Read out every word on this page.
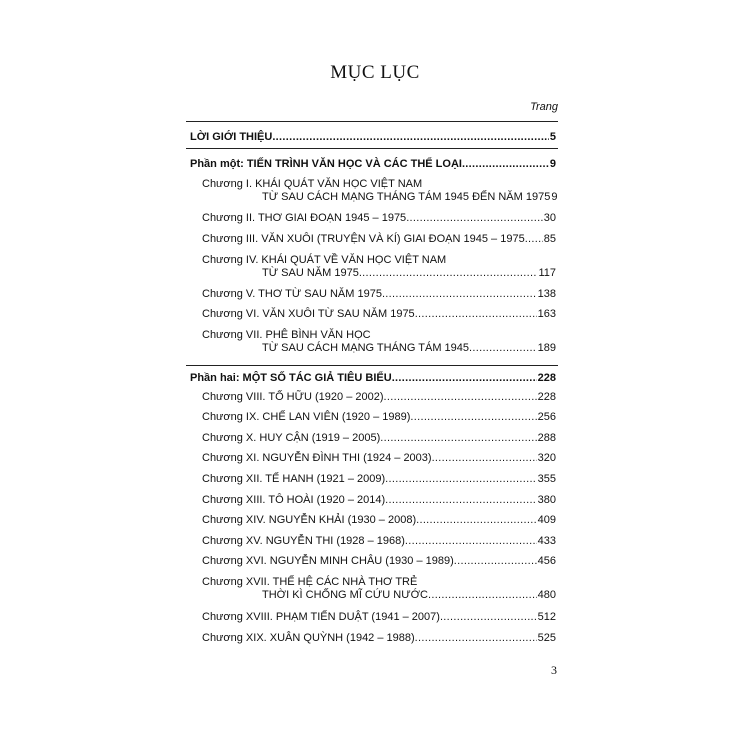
MỤC LỤC
Trang
LỜI GIỚI THIỆU .....	5
Phần một: TIẾN TRÌNH VĂN HỌC VÀ CÁC THỂ LOẠI .....	9
Chương I. KHÁI QUÁT VĂN HỌC VIỆT NAM
TỪ SAU CÁCH MẠNG THÁNG TÁM 1945 ĐẾN NĂM 1975 9
Chương II. THƠ GIAI ĐOẠN 1945 – 1975 .....	30
Chương III. VĂN XUÔI (TRUYỆN VÀ KÍ) GIAI ĐOẠN 1945 – 1975 ..... 85
Chương IV. KHÁI QUÁT VỀ VĂN HỌC VIỆT NAM
TỪ SAU NĂM 1975 .....	117
Chương V. THƠ TỪ SAU NĂM 1975 .....	138
Chương VI. VĂN XUÔI TỪ SAU NĂM 1975 .....	163
Chương VII. PHÊ BÌNH VĂN HỌC
TỪ SAU CÁCH MẠNG THÁNG TÁM 1945 .....	189
Phần hai: MỘT SỐ TÁC GIẢ TIÊU BIỂU .....	228
Chương VIII. TỐ HỮU (1920 – 2002) .....	228
Chương IX. CHẾ LAN VIÊN (1920 – 1989) .....	256
Chương X. HUY CẬN (1919 – 2005) .....	288
Chương XI. NGUYỄN ĐÌNH THI (1924 – 2003) .....	320
Chương XII. TẾ HANH (1921 – 2009) .....	355
Chương XIII. TÔ HOÀI (1920 – 2014) .....	380
Chương XIV. NGUYỄN KHẢI (1930 – 2008) .....	409
Chương XV. NGUYỄN THI (1928 – 1968) .....	433
Chương XVI. NGUYỄN MINH CHÂU (1930 – 1989) .....	456
Chương XVII. THẾ HỆ CÁC NHÀ THƠ TRẺ
THỜI KÌ CHỐNG MĨ CỨU NƯỚC .....	480
Chương XVIII. PHẠM TIẾN DUẬT (1941 – 2007) .....	512
Chương XIX. XUÂN QUỲNH (1942 – 1988) .....	525
3
